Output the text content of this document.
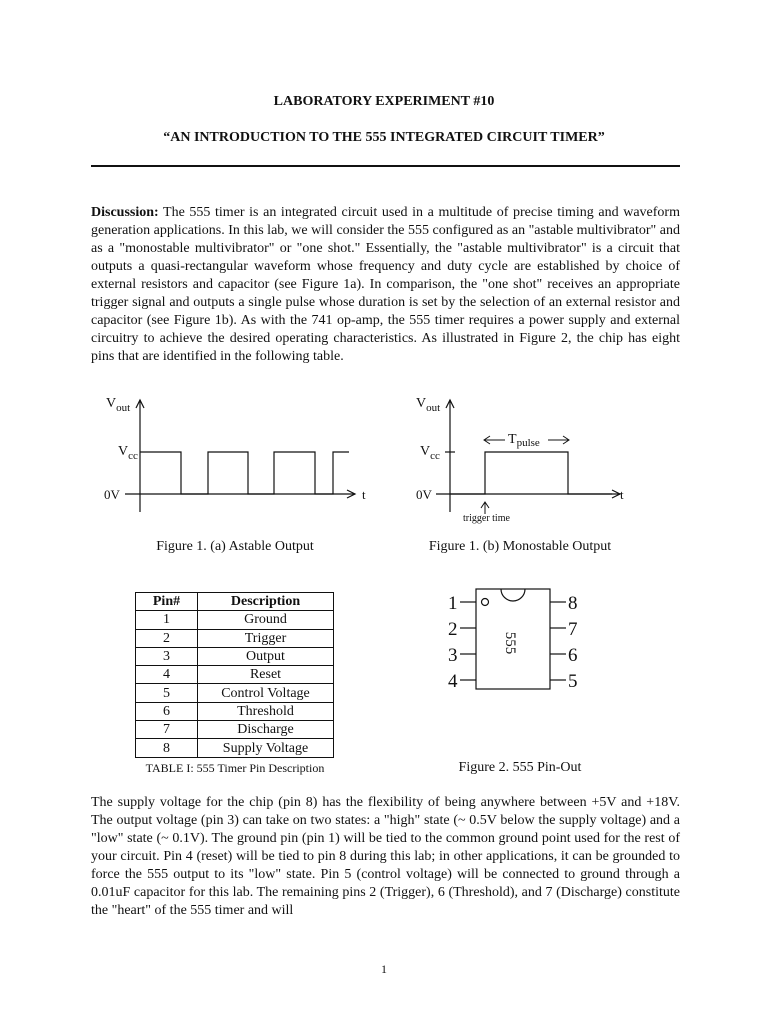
LABORATORY EXPERIMENT #10
“AN INTRODUCTION TO THE 555 INTEGRATED CIRCUIT TIMER”
Discussion: The 555 timer is an integrated circuit used in a multitude of precise timing and waveform generation applications. In this lab, we will consider the 555 configured as an "astable multivibrator" and as a "monostable multivibrator" or "one shot." Essentially, the "astable multivibrator" is a circuit that outputs a quasi-rectangular waveform whose frequency and duty cycle are established by choice of external resistors and capacitor (see Figure 1a). In comparison, the "one shot" receives an appropriate trigger signal and outputs a single pulse whose duration is set by the selection of an external resistor and capacitor (see Figure 1b). As with the 741 op-amp, the 555 timer requires a power supply and external circuitry to achieve the desired operating characteristics. As illustrated in Figure 2, the chip has eight pins that are identified in the following table.
$V_{out}$
$V_{cc}$
0V	t
Figure 1. (a) Astable Output
$V_{out}$
$V_{cc}$
0V	t
$T_{pulse}$
trigger time
Figure 1. (b) Monostable Output
Pin#	Description
1	Ground
2	Trigger
3	Output
4	Reset
5	Control Voltage
6	Threshold
7	Discharge
8	Supply Voltage
TABLE I: 555 Timer Pin Description
1
2
3
4
8
7
6
5
555
Figure 2. 555 Pin-Out
The supply voltage for the chip (pin 8) has the flexibility of being anywhere between +5V and +18V. The output voltage (pin 3) can take on two states: a "high" state (~ 0.5V below the supply voltage) and a "low" state (~ 0.1V). The ground pin (pin 1) will be tied to the common ground point used for the rest of your circuit. Pin 4 (reset) will be tied to pin 8 during this lab; in other applications, it can be grounded to force the 555 output to its "low" state. Pin 5 (control voltage) will be connected to ground through a 0.01uF capacitor for this lab. The remaining pins 2 (Trigger), 6 (Threshold), and 7 (Discharge) constitute the "heart" of the 555 timer and will
1
